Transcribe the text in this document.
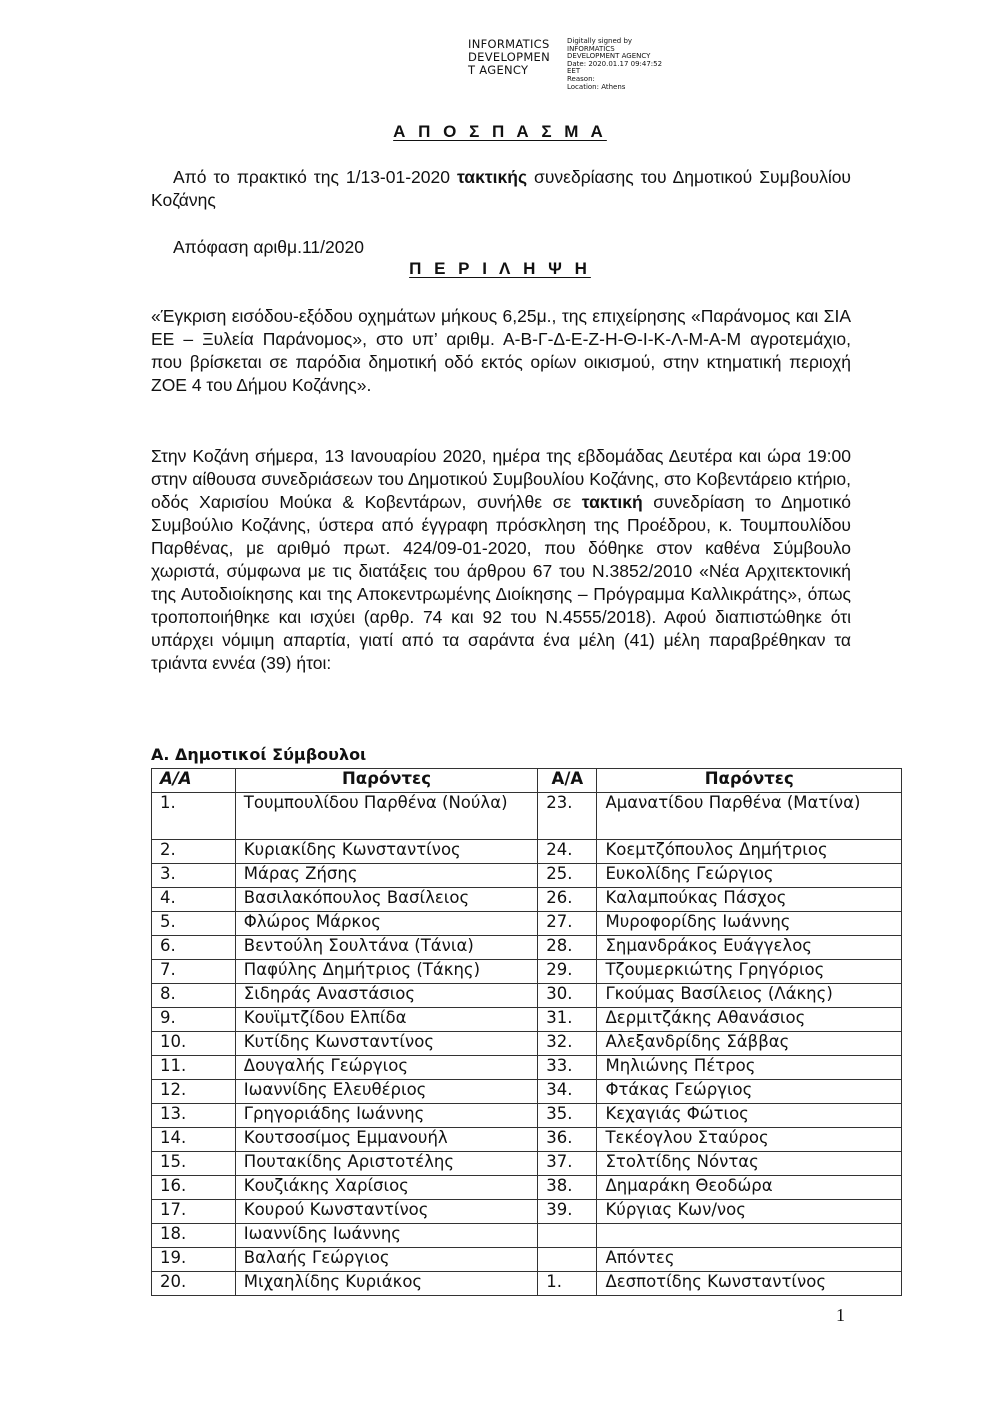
INFORMATICS
DEVELOPMEN
T AGENCY
Digitally signed by
INFORMATICS
DEVELOPMENT AGENCY
Date: 2020.01.17 09:47:52
EET
Reason:
Location: Athens
Α Π Ο Σ Π Α Σ Μ Α
Από το πρακτικό της 1/13-01-2020 τακτικής συνεδρίασης του Δημοτικού Συμβουλίου Κοζάνης
Απόφαση αριθμ.11/2020
Π Ε Ρ Ι Λ Η Ψ Η
«Έγκριση εισόδου-εξόδου οχημάτων μήκους 6,25μ., της επιχείρησης «Παράνομος και ΣΙΑ ΕΕ – Ξυλεία Παράνομος», στο υπ’ αριθμ. Α-Β-Γ-Δ-Ε-Ζ-Η-Θ-Ι-Κ-Λ-Μ-Α-Μ αγροτεμάχιο, που βρίσκεται σε παρόδια δημοτική οδό εκτός ορίων οικισμού, στην κτηματική περιοχή ΖΟΕ 4 του Δήμου Κοζάνης».
Στην Κοζάνη σήμερα, 13 Ιανουαρίου 2020, ημέρα της εβδομάδας Δευτέρα και ώρα 19:00 στην αίθουσα συνεδριάσεων του Δημοτικού Συμβουλίου Κοζάνης, στο Κοβεντάρειο κτήριο, οδός Χαρισίου Μούκα & Κοβεντάρων, συνήλθε σε τακτική συνεδρίαση το Δημοτικό Συμβούλιο Κοζάνης, ύστερα από έγγραφη πρόσκληση της Προέδρου, κ. Τουμπουλίδου Παρθένας, με αριθμό πρωτ. 424/09-01-2020, που δόθηκε στον καθένα Σύμβουλο χωριστά, σύμφωνα με τις διατάξεις του άρθρου 67 του Ν.3852/2010 «Νέα Αρχιτεκτονική της Αυτοδιοίκησης και της Αποκεντρωμένης Διοίκησης – Πρόγραμμα Καλλικράτης», όπως τροποποιήθηκε και ισχύει (αρθρ. 74 και 92 του Ν.4555/2018). Αφού διαπιστώθηκε ότι υπάρχει νόμιμη απαρτία, γιατί από τα σαράντα ένα μέλη (41) μέλη παραβρέθηκαν τα τριάντα εννέα (39) ήτοι:
Α. Δημοτικοί Σύμβουλοι
Α/Α	Παρόντες	Α/Α	Παρόντες
1.	Τουμπουλίδου Παρθένα (Νούλα)	23.	Αμανατίδου Παρθένα (Ματίνα)
2.	Κυριακίδης Κωνσταντίνος	24.	Κοεμτζόπουλος Δημήτριος
3.	Μάρας Ζήσης	25.	Ευκολίδης Γεώργιος
4.	Βασιλακόπουλος Βασίλειος	26.	Καλαμπούκας Πάσχος
5.	Φλώρος Μάρκος	27.	Μυροφορίδης Ιωάννης
6.	Βεντούλη Σουλτάνα (Τάνια)	28.	Σημανδράκος Ευάγγελος
7.	Παφύλης Δημήτριος (Τάκης)	29.	Τζουμερκιώτης Γρηγόριος
8.	Σιδηράς Αναστάσιος	30.	Γκούμας Βασίλειος (Λάκης)
9.	Κουϊμτζίδου Ελπίδα	31.	Δερμιτζάκης Αθανάσιος
10.	Κυτίδης Κωνσταντίνος	32.	Αλεξανδρίδης Σάββας
11.	Δουγαλής Γεώργιος	33.	Μηλιώνης Πέτρος
12.	Ιωαννίδης Ελευθέριος	34.	Φτάκας Γεώργιος
13.	Γρηγοριάδης Ιωάννης	35.	Κεχαγιάς Φώτιος
14.	Κουτσοσίμος Εμμανουήλ	36.	Τεκέογλου Σταύρος
15.	Πουτακίδης Αριστοτέλης	37.	Στολτίδης Νόντας
16.	Κουζιάκης Χαρίσιος	38.	Δημαράκη Θεοδώρα
17.	Κουρού Κωνσταντίνος	39.	Κύργιας Κων/νος
18.	Ιωαννίδης Ιωάννης		
19.	Βαλαής Γεώργιος		Απόντες
20.	Μιχαηλίδης Κυριάκος	1.	Δεσποτίδης Κωνσταντίνος
1
